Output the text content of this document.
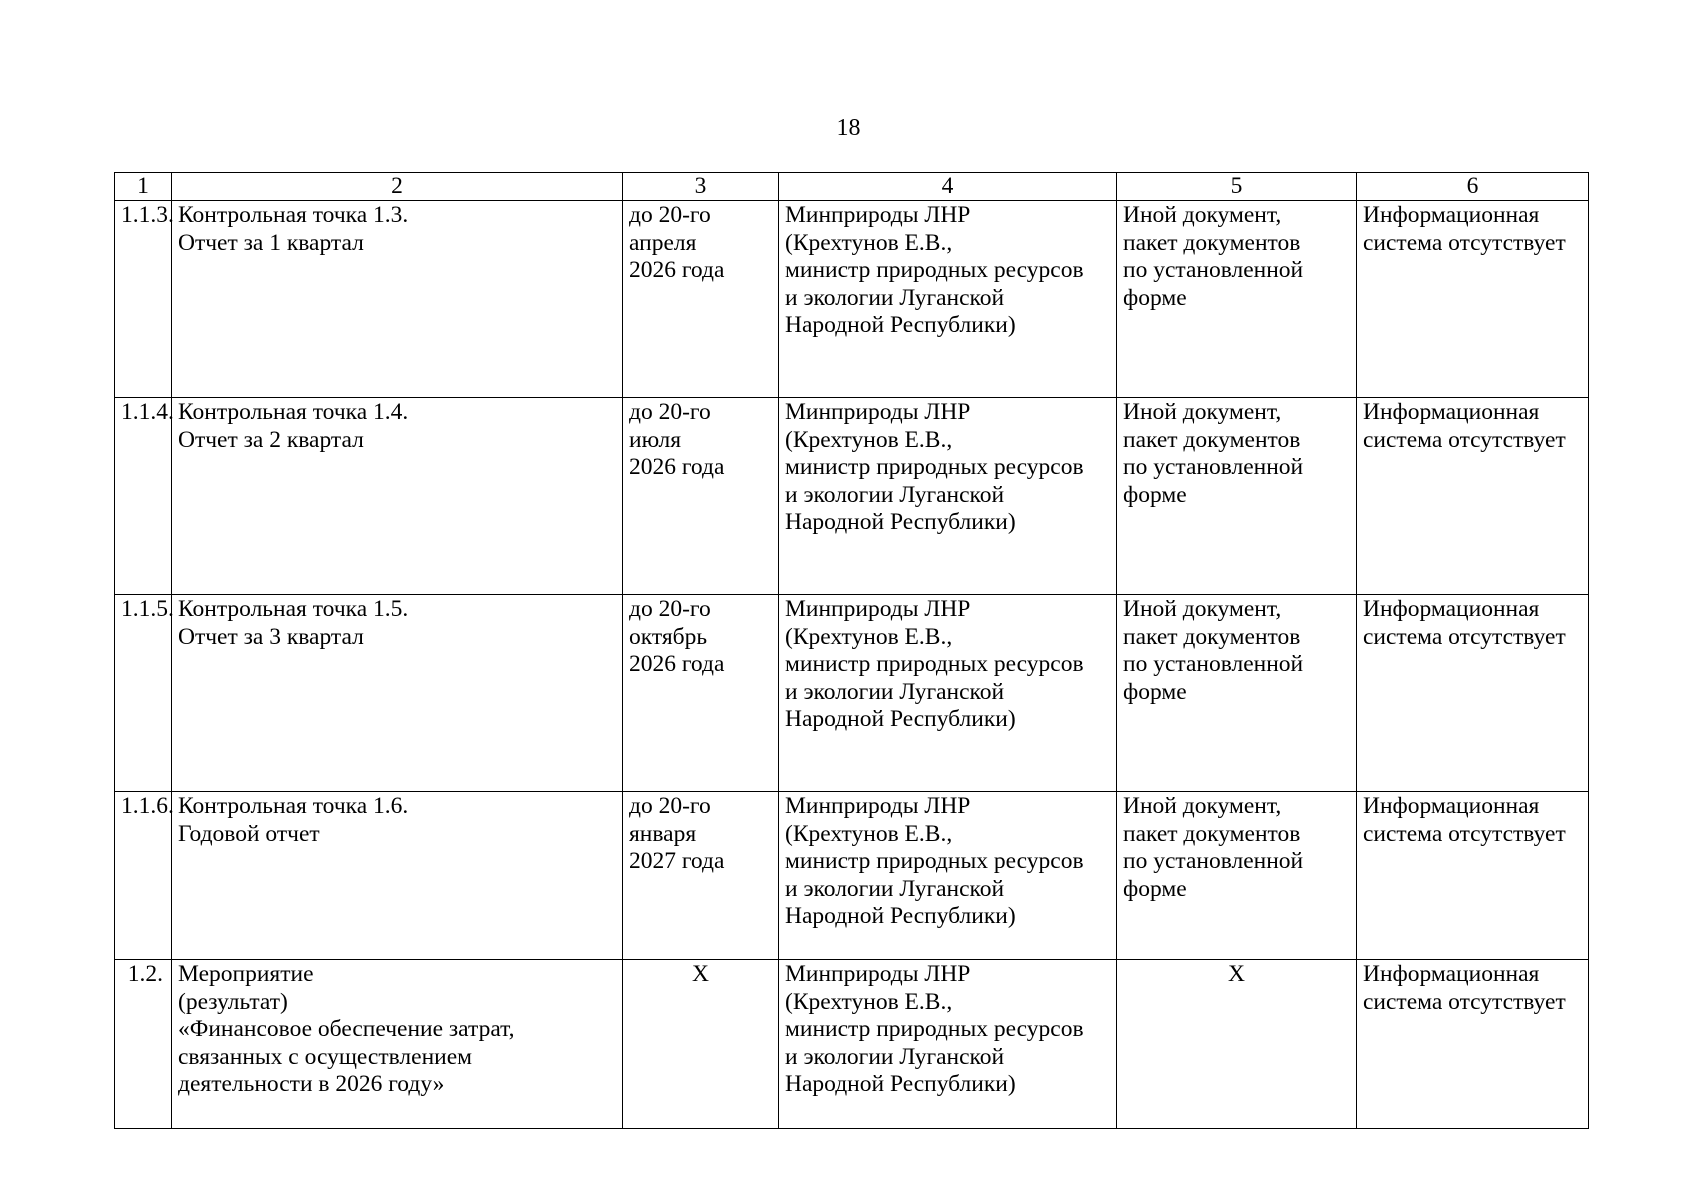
18
1	2	3	4	5	6
1.1.3.	Контрольная точка 1.3.
Отчет за 1 квартал	до 20-го
апреля
2026 года	Минприроды ЛНР
(Крехтунов Е.В.,
министр природных ресурсов
и экологии Луганской
Народной Республики)	Иной документ,
пакет документов
по установленной
форме	Информационная
система отсутствует
1.1.4.	Контрольная точка 1.4.
Отчет за 2 квартал	до 20-го
июля
2026 года	Минприроды ЛНР
(Крехтунов Е.В.,
министр природных ресурсов
и экологии Луганской
Народной Республики)	Иной документ,
пакет документов
по установленной
форме	Информационная
система отсутствует
1.1.5.	Контрольная точка 1.5.
Отчет за 3 квартал	до 20-го
октябрь
2026 года	Минприроды ЛНР
(Крехтунов Е.В.,
министр природных ресурсов
и экологии Луганской
Народной Республики)	Иной документ,
пакет документов
по установленной
форме	Информационная
система отсутствует
1.1.6.	Контрольная точка 1.6.
Годовой отчет	до 20-го
января
2027 года	Минприроды ЛНР
(Крехтунов Е.В.,
министр природных ресурсов
и экологии Луганской
Народной Республики)	Иной документ,
пакет документов
по установленной
форме	Информационная
система отсутствует
1.2.	Мероприятие
(результат)
«Финансовое обеспечение затрат,
связанных с осуществлением
деятельности в 2026 году»	X	Минприроды ЛНР
(Крехтунов Е.В.,
министр природных ресурсов
и экологии Луганской
Народной Республики)	X	Информационная
система отсутствует
